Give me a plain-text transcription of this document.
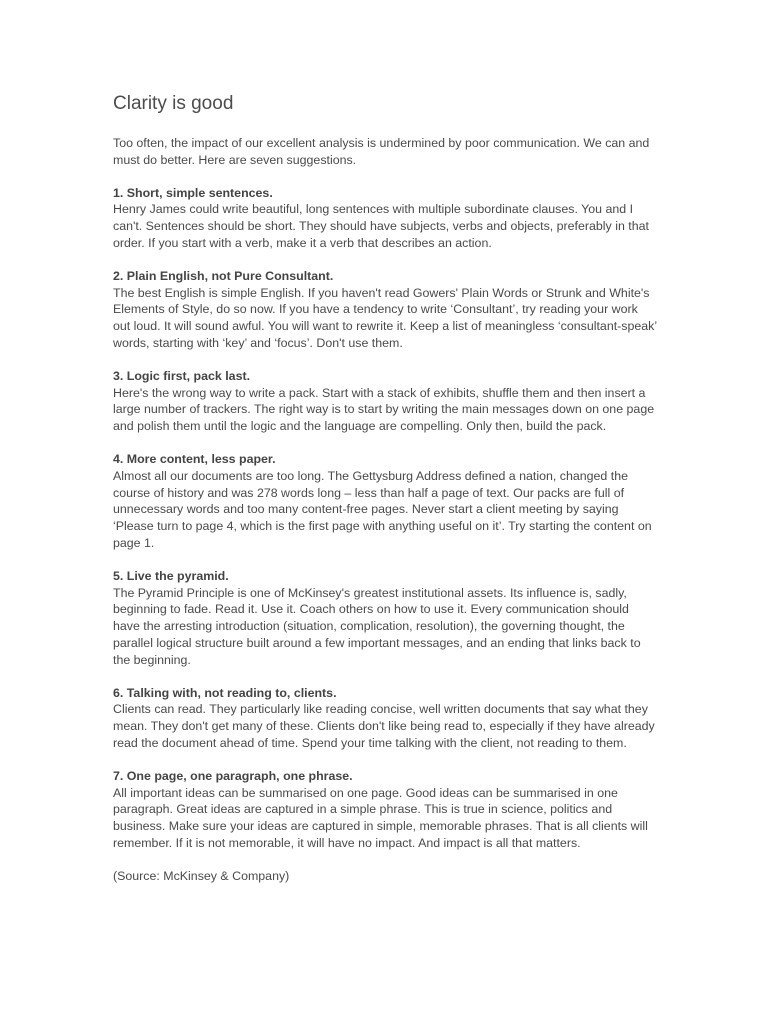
Clarity is good

Too often, the impact of our excellent analysis is undermined by poor communication. We can and must do better. Here are seven suggestions.

1. Short, simple sentences.

Henry James could write beautiful, long sentences with multiple subordinate clauses. You and I can't. Sentences should be short. They should have subjects, verbs and objects, preferably in that order. If you start with a verb, make it a verb that describes an action.

2. Plain English, not Pure Consultant.

The best English is simple English. If you haven't read Gowers' Plain Words or Strunk and White's Elements of Style, do so now. If you have a tendency to write ‘Consultant’, try reading your work out loud. It will sound awful. You will want to rewrite it. Keep a list of meaningless ‘consultant-speak’ words, starting with ‘key’ and ‘focus’. Don't use them.

3. Logic first, pack last.

Here's the wrong way to write a pack. Start with a stack of exhibits, shuffle them and then insert a large number of trackers. The right way is to start by writing the main messages down on one page and polish them until the logic and the language are compelling. Only then, build the pack.

4. More content, less paper.

Almost all our documents are too long. The Gettysburg Address defined a nation, changed the course of history and was 278 words long – less than half a page of text. Our packs are full of unnecessary words and too many content-free pages. Never start a client meeting by saying ‘Please turn to page 4, which is the first page with anything useful on it’. Try starting the content on page 1.

5. Live the pyramid.

The Pyramid Principle is one of McKinsey's greatest institutional assets. Its influence is, sadly, beginning to fade. Read it. Use it. Coach others on how to use it. Every communication should have the arresting introduction (situation, complication, resolution), the governing thought, the parallel logical structure built around a few important messages, and an ending that links back to the beginning.

6. Talking with, not reading to, clients.

Clients can read. They particularly like reading concise, well written documents that say what they mean. They don't get many of these. Clients don't like being read to, especially if they have already read the document ahead of time. Spend your time talking with the client, not reading to them.

7. One page, one paragraph, one phrase.

All important ideas can be summarised on one page. Good ideas can be summarised in one paragraph. Great ideas are captured in a simple phrase. This is true in science, politics and business. Make sure your ideas are captured in simple, memorable phrases. That is all clients will remember. If it is not memorable, it will have no impact. And impact is all that matters.

(Source: McKinsey & Company)
